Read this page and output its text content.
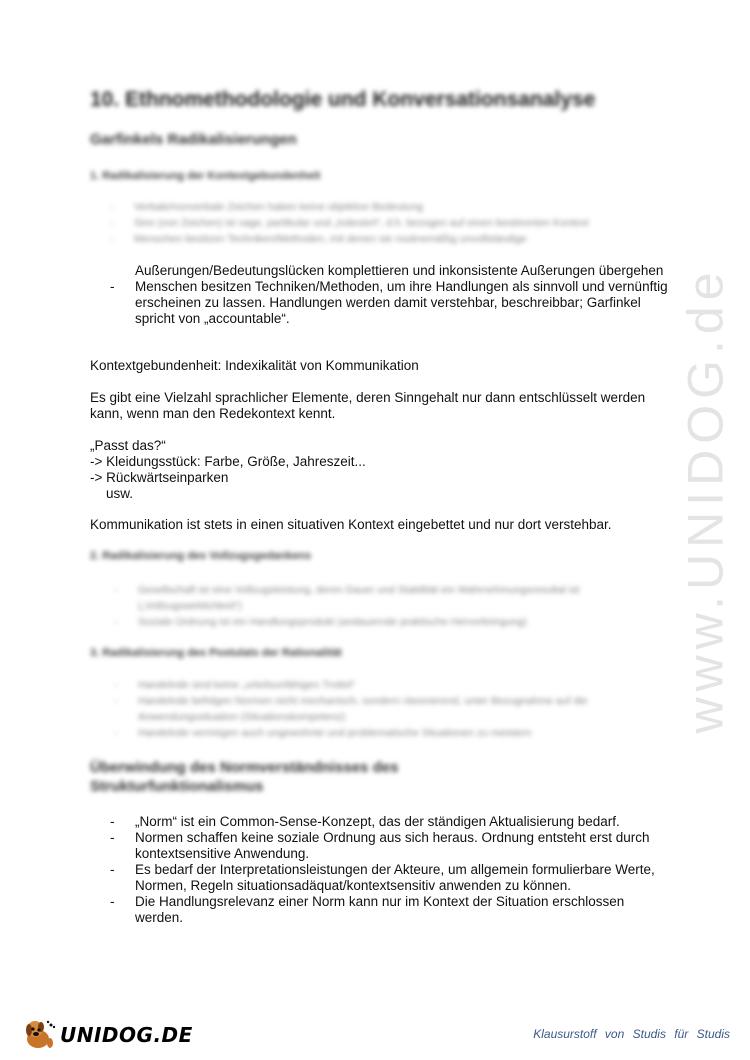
www.UNIDOG.de
10. Ethnomethodologie und Konversationsanalyse
Garfinkels Radikalisierungen
1. Radikalisierung der Kontextgebundenheit
-	Verbale/nonverbale Zeichen haben keine objektive Bedeutung
-	Sinn (von Zeichen) ist vage, partikular und „indexiert“, d.h. bezogen auf einen bestimmten Kontext
-	Menschen besitzen Techniken/Methoden, mit denen sie routinemäßig unvollständige
Außerungen/Bedeutungslücken komplettieren und inkonsistente Außerungen übergehen
-	Menschen besitzen Techniken/Methoden, um ihre Handlungen als sinnvoll und vernünftig erscheinen zu lassen. Handlungen werden damit verstehbar, beschreibbar; Garfinkel spricht von „accountable“.
Kontextgebundenheit: Indexikalität von Kommunikation
Es gibt eine Vielzahl sprachlicher Elemente, deren Sinngehalt nur dann entschlüsselt werden kann, wenn man den Redekontext kennt.
„Passt das?“
-> Kleidungsstück: Farbe, Größe, Jahreszeit...
-> Rückwärtseinparken
usw.
Kommunikation ist stets in einen situativen Kontext eingebettet und nur dort verstehbar.
2. Radikalisierung des Vollzugsgedankens
-	Gesellschaft ist eine Vollzugsleistung, deren Dauer und Stabilität ein Wahrnehmungsresultat ist („Vollzugswirklichkeit“)
-	Soziale Ordnung ist ein Handlungsprodukt (andauernde praktische Hervorbringung)
3. Radikalisierung des Postulats der Rationalität
-	Handelnde sind keine „urteilsunfähigen Trottel“
-	Handelnde befolgen Normen nicht mechanisch, sondern räsonierend, unter Bezugnahme auf die Anwendungssituation (Situationskompetenz)
-	Handelnde vermögen auch ungewohnte und problematische Situationen zu meistern
Überwindung des Normverständnisses des Strukturfunktionalismus
-	„Norm“ ist ein Common-Sense-Konzept, das der ständigen Aktualisierung bedarf.
-	Normen schaffen keine soziale Ordnung aus sich heraus. Ordnung entsteht erst durch kontextsensitive Anwendung.
-	Es bedarf der Interpretationsleistungen der Akteure, um allgemein formulierbare Werte, Normen, Regeln situationsadäquat/kontextsensitiv anwenden zu können.
-	Die Handlungsrelevanz einer Norm kann nur im Kontext der Situation erschlossen werden.
UNIDOG.DE	Klausurstoff von Studis für Studis
